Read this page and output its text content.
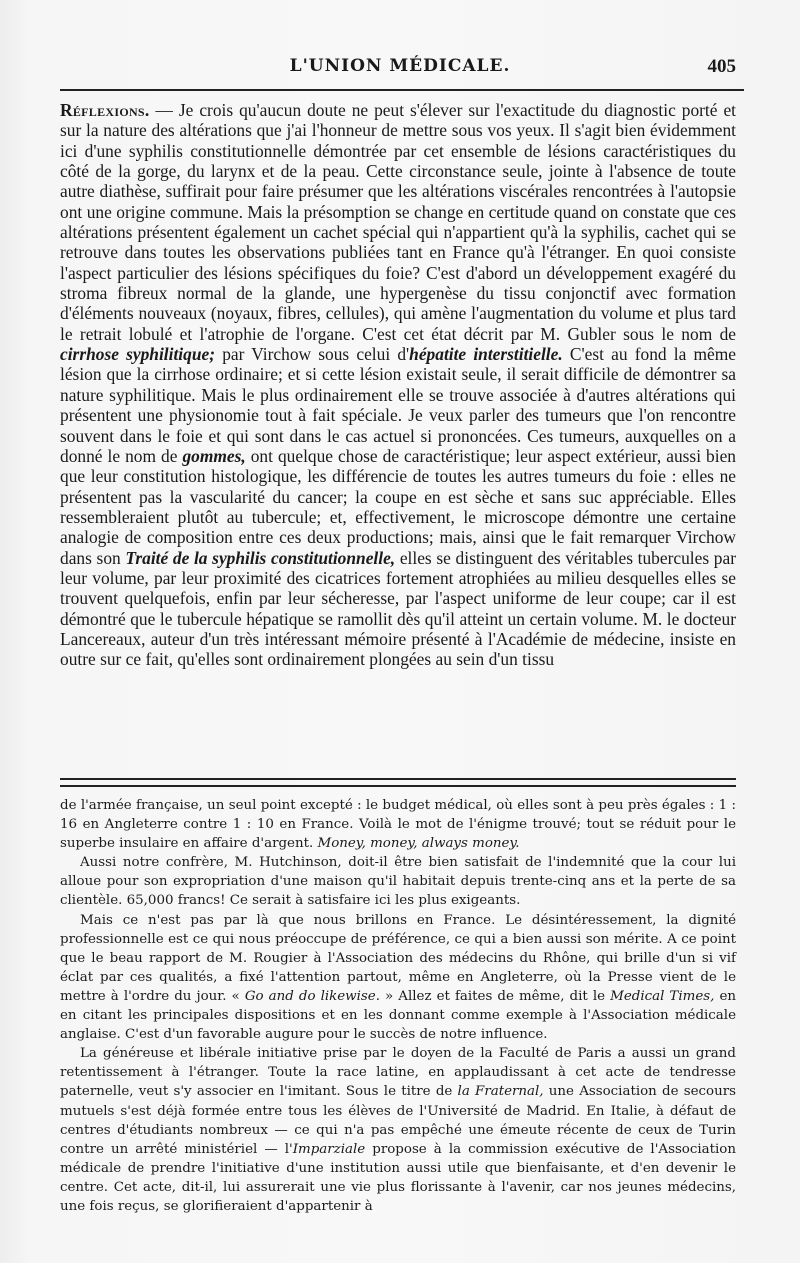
L'UNION MÉDICALE.	405
Réflexions. — Je crois qu'aucun doute ne peut s'élever sur l'exactitude du diagnostic porté et sur la nature des altérations que j'ai l'honneur de mettre sous vos yeux. Il s'agit bien évidemment ici d'une syphilis constitutionnelle démontrée par cet ensemble de lésions caractéristiques du côté de la gorge, du larynx et de la peau. Cette circonstance seule, jointe à l'absence de toute autre diathèse, suffirait pour faire présumer que les altérations viscérales rencontrées à l'autopsie ont une origine commune. Mais la présomption se change en certitude quand on constate que ces altérations présentent également un cachet spécial qui n'appartient qu'à la syphilis, cachet qui se retrouve dans toutes les observations publiées tant en France qu'à l'étranger. En quoi consiste l'aspect particulier des lésions spécifiques du foie? C'est d'abord un développement exagéré du stroma fibreux normal de la glande, une hypergenèse du tissu conjonctif avec formation d'éléments nouveaux (noyaux, fibres, cellules), qui amène l'augmentation du volume et plus tard le retrait lobulé et l'atrophie de l'organe. C'est cet état décrit par M. Gubler sous le nom de cirrhose syphilitique; par Virchow sous celui d'hépatite interstitielle. C'est au fond la même lésion que la cirrhose ordinaire; et si cette lésion existait seule, il serait difficile de démontrer sa nature syphilitique. Mais le plus ordinairement elle se trouve associée à d'autres altérations qui présentent une physionomie tout à fait spéciale. Je veux parler des tumeurs que l'on rencontre souvent dans le foie et qui sont dans le cas actuel si prononcées. Ces tumeurs, auxquelles on a donné le nom de gommes, ont quelque chose de caractéristique; leur aspect extérieur, aussi bien que leur constitution histologique, les différencie de toutes les autres tumeurs du foie : elles ne présentent pas la vascularité du cancer; la coupe en est sèche et sans suc appréciable. Elles ressembleraient plutôt au tubercule; et, effectivement, le microscope démontre une certaine analogie de composition entre ces deux productions; mais, ainsi que le fait remarquer Virchow dans son Traité de la syphilis constitutionnelle, elles se distinguent des véritables tubercules par leur volume, par leur proximité des cicatrices fortement atrophiées au milieu desquelles elles se trouvent quelquefois, enfin par leur sécheresse, par l'aspect uniforme de leur coupe; car il est démontré que le tubercule hépatique se ramollit dès qu'il atteint un certain volume. M. le docteur Lancereaux, auteur d'un très intéressant mémoire présenté à l'Académie de médecine, insiste en outre sur ce fait, qu'elles sont ordinairement plongées au sein d'un tissu

de l'armée française, un seul point excepté : le budget médical, où elles sont à peu près égales : 1 : 16 en Angleterre contre 1 : 10 en France. Voilà le mot de l'énigme trouvé; tout se réduit pour le superbe insulaire en affaire d'argent. Money, money, always money.

Aussi notre confrère, M. Hutchinson, doit-il être bien satisfait de l'indemnité que la cour lui alloue pour son expropriation d'une maison qu'il habitait depuis trente-cinq ans et la perte de sa clientèle. 65,000 francs! Ce serait à satisfaire ici les plus exigeants.

Mais ce n'est pas par là que nous brillons en France. Le désintéressement, la dignité professionnelle est ce qui nous préoccupe de préférence, ce qui a bien aussi son mérite. A ce point que le beau rapport de M. Rougier à l'Association des médecins du Rhône, qui brille d'un si vif éclat par ces qualités, a fixé l'attention partout, même en Angleterre, où la Presse vient de le mettre à l'ordre du jour. « Go and do likewise. » Allez et faites de même, dit le Medical Times, en en citant les principales dispositions et en les donnant comme exemple à l'Association médicale anglaise. C'est d'un favorable augure pour le succès de notre influence.

La généreuse et libérale initiative prise par le doyen de la Faculté de Paris a aussi un grand retentissement à l'étranger. Toute la race latine, en applaudissant à cet acte de tendresse paternelle, veut s'y associer en l'imitant. Sous le titre de la Fraternal, une Association de secours mutuels s'est déjà formée entre tous les élèves de l'Université de Madrid. En Italie, à défaut de centres d'étudiants nombreux — ce qui n'a pas empêché une émeute récente de ceux de Turin contre un arrêté ministériel — l'Imparziale propose à la commission exécutive de l'Association médicale de prendre l'initiative d'une institution aussi utile que bienfaisante, et d'en devenir le centre. Cet acte, dit-il, lui assurerait une vie plus florissante à l'avenir, car nos jeunes médecins, une fois reçus, se glorifieraient d'appartenir à
